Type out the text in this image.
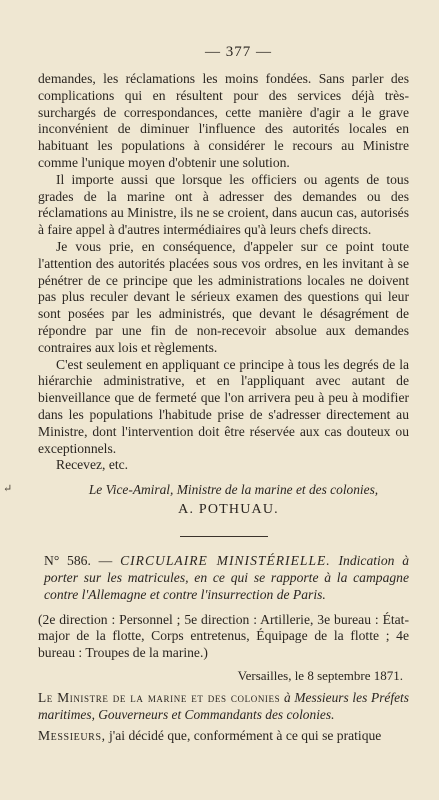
— 377 —

demandes, les réclamations les moins fondées. Sans parler des complications qui en résultent pour des services déjà très-surchargés de correspondances, cette manière d'agir a le grave inconvénient de diminuer l'influence des autorités locales en habituant les populations à considérer le recours au Ministre comme l'unique moyen d'obtenir une solution.

Il importe aussi que lorsque les officiers ou agents de tous grades de la marine ont à adresser des demandes ou des réclamations au Ministre, ils ne se croient, dans aucun cas, autorisés à faire appel à d'autres intermédiaires qu'à leurs chefs directs.

Je vous prie, en conséquence, d'appeler sur ce point toute l'attention des autorités placées sous vos ordres, en les invitant à se pénétrer de ce principe que les administrations locales ne doivent pas plus reculer devant le sérieux examen des questions qui leur sont posées par les administrés, que devant le désagrément de répondre par une fin de non-recevoir absolue aux demandes contraires aux lois et règlements.

C'est seulement en appliquant ce principe à tous les degrés de la hiérarchie administrative, et en l'appliquant avec autant de bienveillance que de fermeté que l'on arrivera peu à peu à modifier dans les populations l'habitude prise de s'adresser directement au Ministre, dont l'intervention doit être réservée aux cas douteux ou exceptionnels.

Recevez, etc.

Le Vice-Amiral, Ministre de la marine et des colonies,
A. POTHUAU.
N° 586. — CIRCULAIRE MINISTÉRIELLE. Indication à porter sur les matricules, en ce qui se rapporte à la campagne contre l'Allemagne et contre l'insurrection de Paris.
(2e direction : Personnel ; 5e direction : Artillerie, 3e bureau : État-major de la flotte, Corps entretenus, Équipage de la flotte ; 4e bureau : Troupes de la marine.)
Versailles, le 8 septembre 1871.
Le Ministre de la marine et des colonies à Messieurs les Préfets maritimes, Gouverneurs et Commandants des colonies.
Messieurs, j'ai décidé que, conformément à ce qui se pratique
↵
